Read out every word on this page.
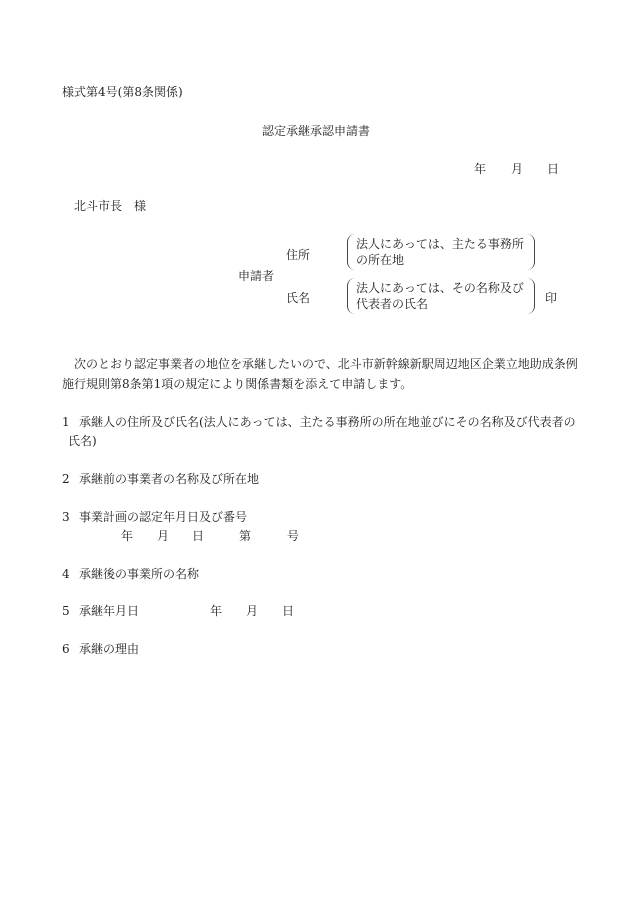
様式第4号(第8条関係)
認定承継承認申請書
年 月 日
北斗市長　様
住所
法人にあっては、主たる事務所
の所在地
申請者
氏名
法人にあっては、その名称及び
代表者の氏名	印
次のとおり認定事業者の地位を承継したいので、北斗市新幹線新駅周辺地区企業立地助成条例
施行規則第8条第1項の規定により関係書類を添えて申請します。
1 承継人の住所及び氏名(法人にあっては、主たる事務所の所在地並びにその名称及び代表者の
氏名)
2 承継前の事業者の名称及び所在地
3 事業計画の認定年月日及び番号
年 月 日	第	号
4 承継後の事業所の名称
5 承継年月日	年 月 日
6 承継の理由
